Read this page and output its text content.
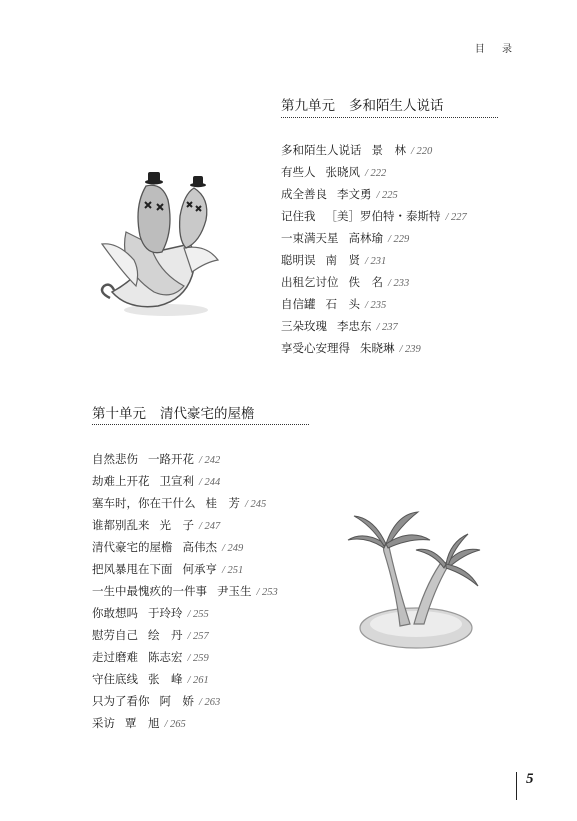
目 录
第九单元 多和陌生人说话
多和陌生人说话 景　林 / 220
有些人 张晓风 / 222
成全善良 李文勇 / 225
记住我 ［美］罗伯特・泰斯特 / 227
一束满天星 高林瑜 / 229
聪明误 南　贤 / 231
出租乞讨位 佚　名 / 233
自信罐 石　头 / 235
三朵玫瑰 李忠东 / 237
享受心安理得 朱晓琳 / 239
第十单元 清代豪宅的屋檐
自然悲伤 一路开花 / 242
劫难上开花 卫宣利 / 244
塞车时，你在干什么 桂　芳 / 245
谁都别乱来 光　子 / 247
清代豪宅的屋檐 高伟杰 / 249
把风暴甩在下面 何承亨 / 251
一生中最愧疚的一件事 尹玉生 / 253
你敢想吗 于玲玲 / 255
慰劳自己 绘　丹 / 257
走过磨难 陈志宏 / 259
守住底线 张　峰 / 261
只为了看你 阿　娇 / 263
采访 覃　旭 / 265
5
